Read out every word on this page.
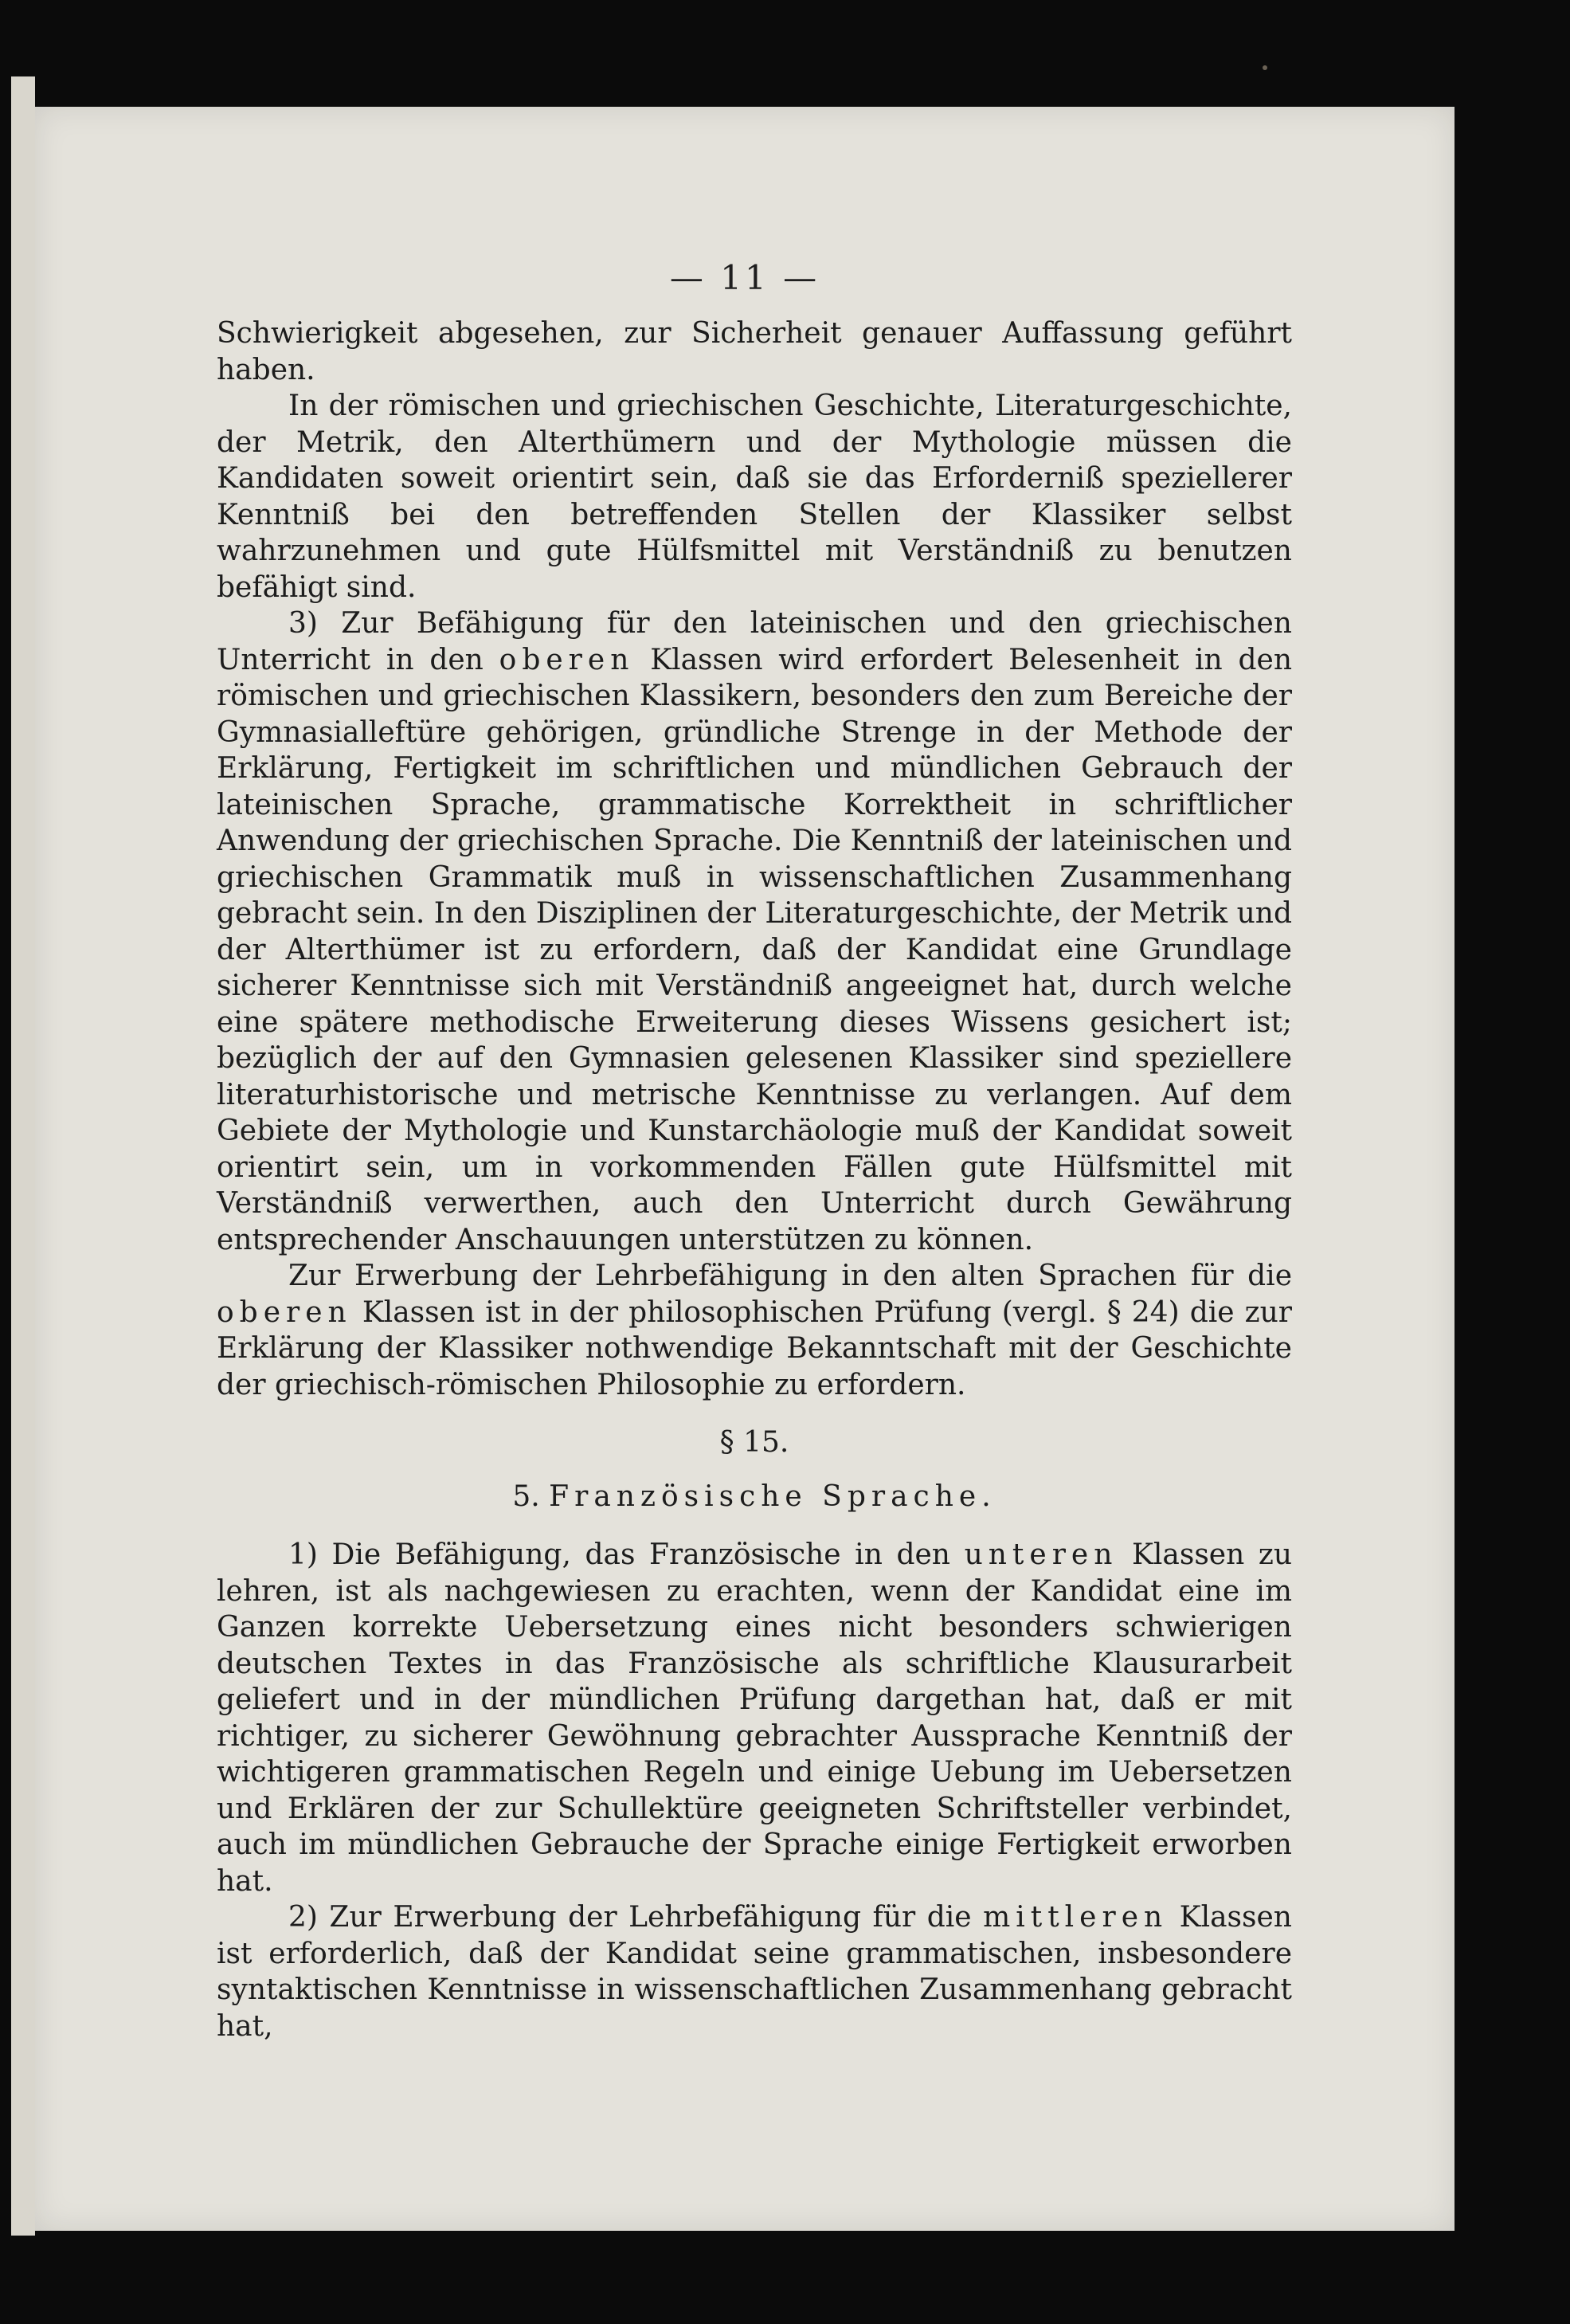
— 11 —

Schwierigkeit abgesehen, zur Sicherheit genauer Auffassung geführt haben.

In der römischen und griechischen Geschichte, Literaturgeschichte, der Metrik, den Alterthümern und der Mythologie müssen die Kandidaten soweit orientirt sein, daß sie das Erforderniß speziellerer Kenntniß bei den betreffenden Stellen der Klassiker selbst wahrzunehmen und gute Hülfsmittel mit Verständniß zu benutzen befähigt sind.

3) Zur Befähigung für den lateinischen und den griechischen Unterricht in den oberen Klassen wird erfordert Belesenheit in den römischen und griechischen Klassikern, besonders den zum Bereiche der Gymnasialleftüre gehörigen, gründliche Strenge in der Methode der Erklärung, Fertigkeit im schriftlichen und mündlichen Gebrauch der lateinischen Sprache, grammatische Korrektheit in schriftlicher Anwendung der griechischen Sprache. Die Kenntniß der lateinischen und griechischen Grammatik muß in wissenschaftlichen Zusammenhang gebracht sein. In den Disziplinen der Literaturgeschichte, der Metrik und der Alterthümer ist zu erfordern, daß der Kandidat eine Grundlage sicherer Kenntnisse sich mit Verständniß angeeignet hat, durch welche eine spätere methodische Erweiterung dieses Wissens gesichert ist; bezüglich der auf den Gymnasien gelesenen Klassiker sind speziellere literaturhistorische und metrische Kenntnisse zu verlangen. Auf dem Gebiete der Mythologie und Kunstarchäologie muß der Kandidat soweit orientirt sein, um in vorkommenden Fällen gute Hülfsmittel mit Verständniß verwerthen, auch den Unterricht durch Gewährung entsprechender Anschauungen unterstützen zu können.

Zur Erwerbung der Lehrbefähigung in den alten Sprachen für die oberen Klassen ist in der philosophischen Prüfung (vergl. § 24) die zur Erklärung der Klassiker nothwendige Bekanntschaft mit der Geschichte der griechisch-römischen Philosophie zu erfordern.

§ 15.
5. Französische Sprache.

1) Die Befähigung, das Französische in den unteren Klassen zu lehren, ist als nachgewiesen zu erachten, wenn der Kandidat eine im Ganzen korrekte Uebersetzung eines nicht besonders schwierigen deutschen Textes in das Französische als schriftliche Klausurarbeit geliefert und in der mündlichen Prüfung dargethan hat, daß er mit richtiger, zu sicherer Gewöhnung gebrachter Aussprache Kenntniß der wichtigeren grammatischen Regeln und einige Uebung im Uebersetzen und Erklären der zur Schullektüre geeigneten Schriftsteller verbindet, auch im mündlichen Gebrauche der Sprache einige Fertigkeit erworben hat.

2) Zur Erwerbung der Lehrbefähigung für die mittleren Klassen ist erforderlich, daß der Kandidat seine grammatischen, insbesondere syntaktischen Kenntnisse in wissenschaftlichen Zusammenhang gebracht hat,
